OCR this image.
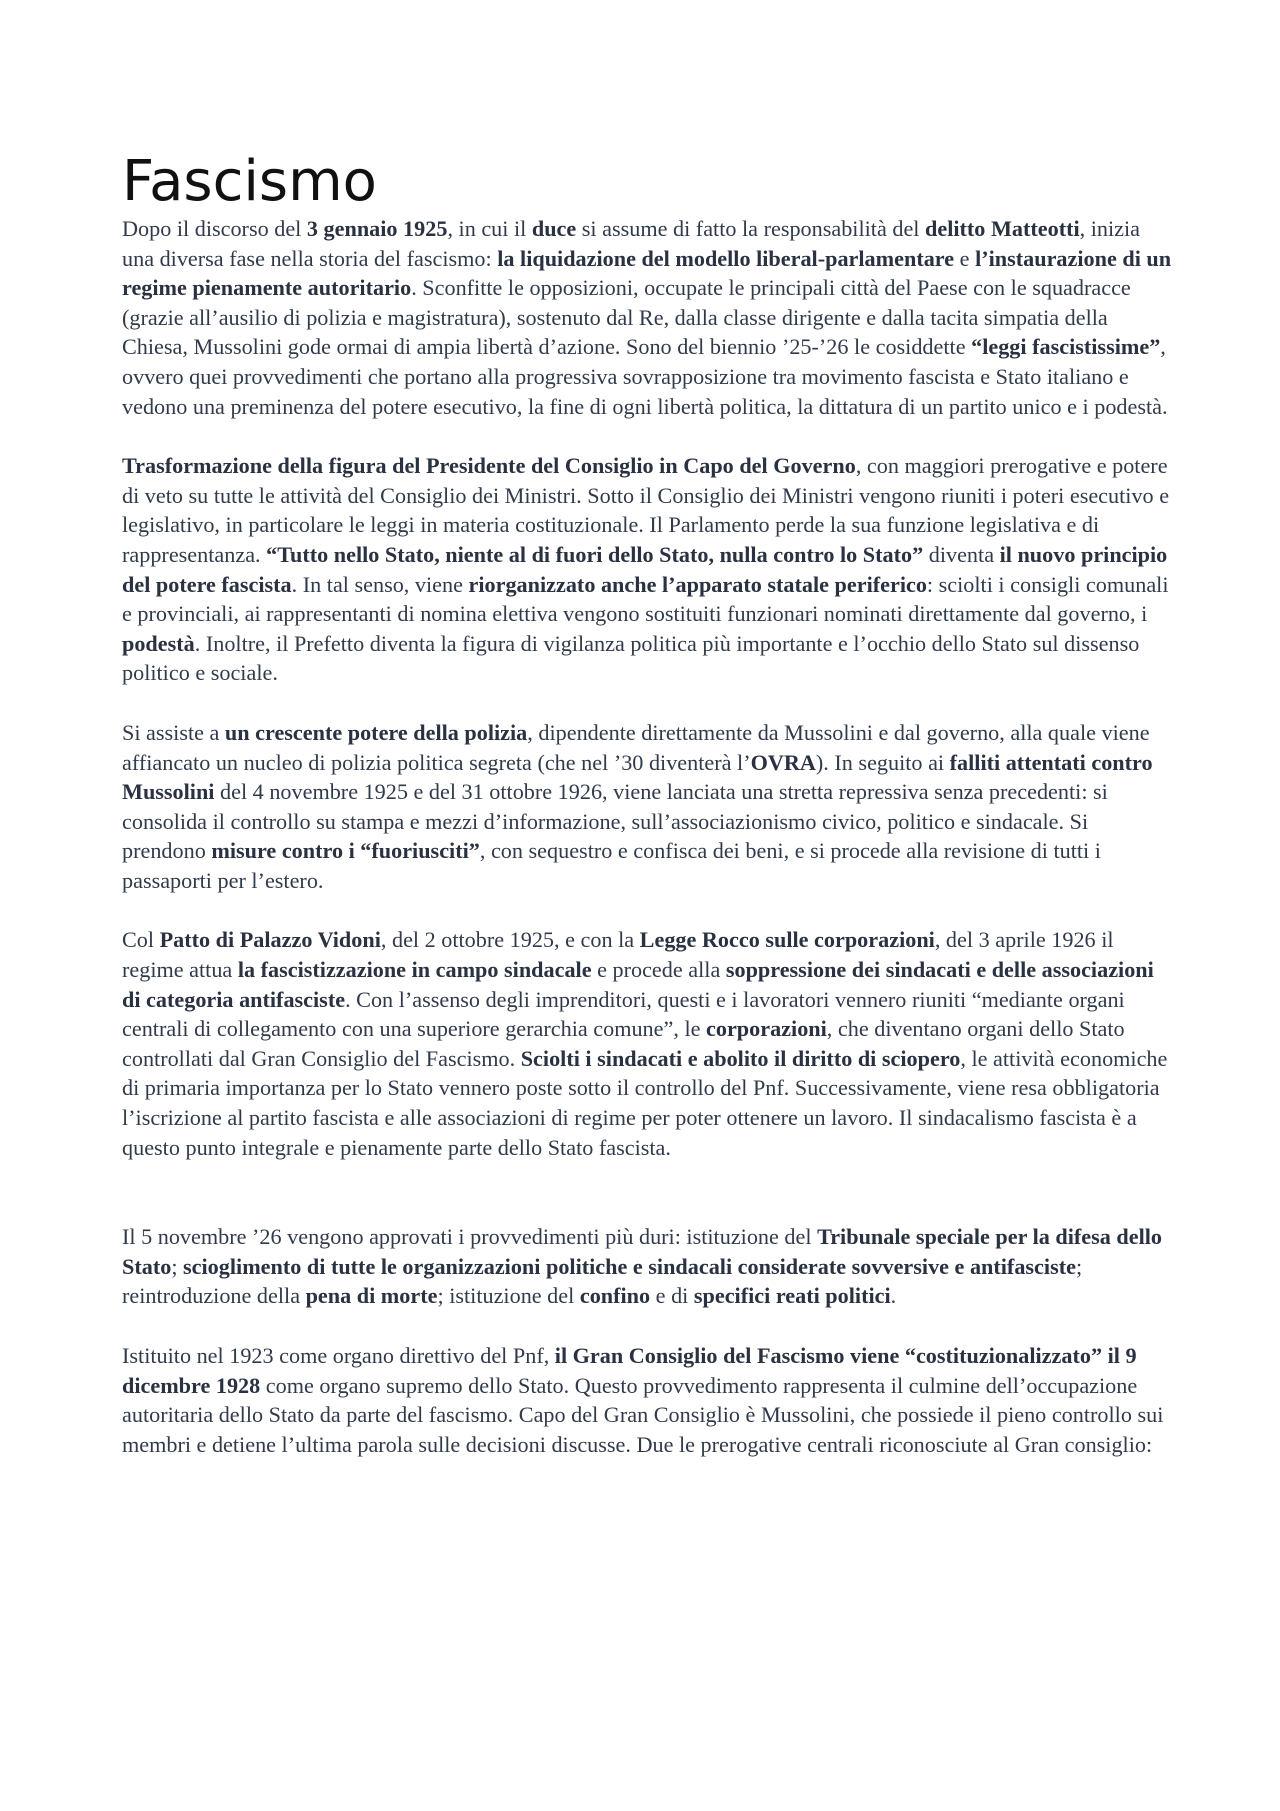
Fascismo

Dopo il discorso del 3 gennaio 1925, in cui il duce si assume di fatto la responsabilità del delitto Matteotti, inizia una diversa fase nella storia del fascismo: la liquidazione del modello liberal-parlamentare e l’instaurazione di un regime pienamente autoritario. Sconfitte le opposizioni, occupate le principali città del Paese con le squadracce (grazie all’ausilio di polizia e magistratura), sostenuto dal Re, dalla classe dirigente e dalla tacita simpatia della Chiesa, Mussolini gode ormai di ampia libertà d’azione. Sono del biennio ’25-’26 le cosiddette “leggi fascistissime”, ovvero quei provvedimenti che portano alla progressiva sovrapposizione tra movimento fascista e Stato italiano e vedono una preminenza del potere esecutivo, la fine di ogni libertà politica, la dittatura di un partito unico e i podestà.

Trasformazione della figura del Presidente del Consiglio in Capo del Governo, con maggiori prerogative e potere di veto su tutte le attività del Consiglio dei Ministri. Sotto il Consiglio dei Ministri vengono riuniti i poteri esecutivo e legislativo, in particolare le leggi in materia costituzionale. Il Parlamento perde la sua funzione legislativa e di rappresentanza. “Tutto nello Stato, niente al di fuori dello Stato, nulla contro lo Stato” diventa il nuovo principio del potere fascista. In tal senso, viene riorganizzato anche l’apparato statale periferico: sciolti i consigli comunali e provinciali, ai rappresentanti di nomina elettiva vengono sostituiti funzionari nominati direttamente dal governo, i podestà. Inoltre, il Prefetto diventa la figura di vigilanza politica più importante e l’occhio dello Stato sul dissenso politico e sociale.

Si assiste a un crescente potere della polizia, dipendente direttamente da Mussolini e dal governo, alla quale viene affiancato un nucleo di polizia politica segreta (che nel ’30 diventerà l’OVRA). In seguito ai falliti attentati contro Mussolini del 4 novembre 1925 e del 31 ottobre 1926, viene lanciata una stretta repressiva senza precedenti: si consolida il controllo su stampa e mezzi d’informazione, sull’associazionismo civico, politico e sindacale. Si prendono misure contro i “fuoriusciti”, con sequestro e confisca dei beni, e si procede alla revisione di tutti i passaporti per l’estero.

Col Patto di Palazzo Vidoni, del 2 ottobre 1925, e con la Legge Rocco sulle corporazioni, del 3 aprile 1926 il regime attua la fascistizzazione in campo sindacale e procede alla soppressione dei sindacati e delle associazioni di categoria antifasciste. Con l’assenso degli imprenditori, questi e i lavoratori vennero riuniti “mediante organi centrali di collegamento con una superiore gerarchia comune”, le corporazioni, che diventano organi dello Stato controllati dal Gran Consiglio del Fascismo. Sciolti i sindacati e abolito il diritto di sciopero, le attività economiche di primaria importanza per lo Stato vennero poste sotto il controllo del Pnf. Successivamente, viene resa obbligatoria l’iscrizione al partito fascista e alle associazioni di regime per poter ottenere un lavoro. Il sindacalismo fascista è a questo punto integrale e pienamente parte dello Stato fascista.

Il 5 novembre ’26 vengono approvati i provvedimenti più duri: istituzione del Tribunale speciale per la difesa dello Stato; scioglimento di tutte le organizzazioni politiche e sindacali considerate sovversive e antifasciste; reintroduzione della pena di morte; istituzione del confino e di specifici reati politici.

Istituito nel 1923 come organo direttivo del Pnf, il Gran Consiglio del Fascismo viene “costituzionalizzato” il 9 dicembre 1928 come organo supremo dello Stato. Questo provvedimento rappresenta il culmine dell’occupazione autoritaria dello Stato da parte del fascismo. Capo del Gran Consiglio è Mussolini, che possiede il pieno controllo sui membri e detiene l’ultima parola sulle decisioni discusse. Due le prerogative centrali riconosciute al Gran consiglio:
